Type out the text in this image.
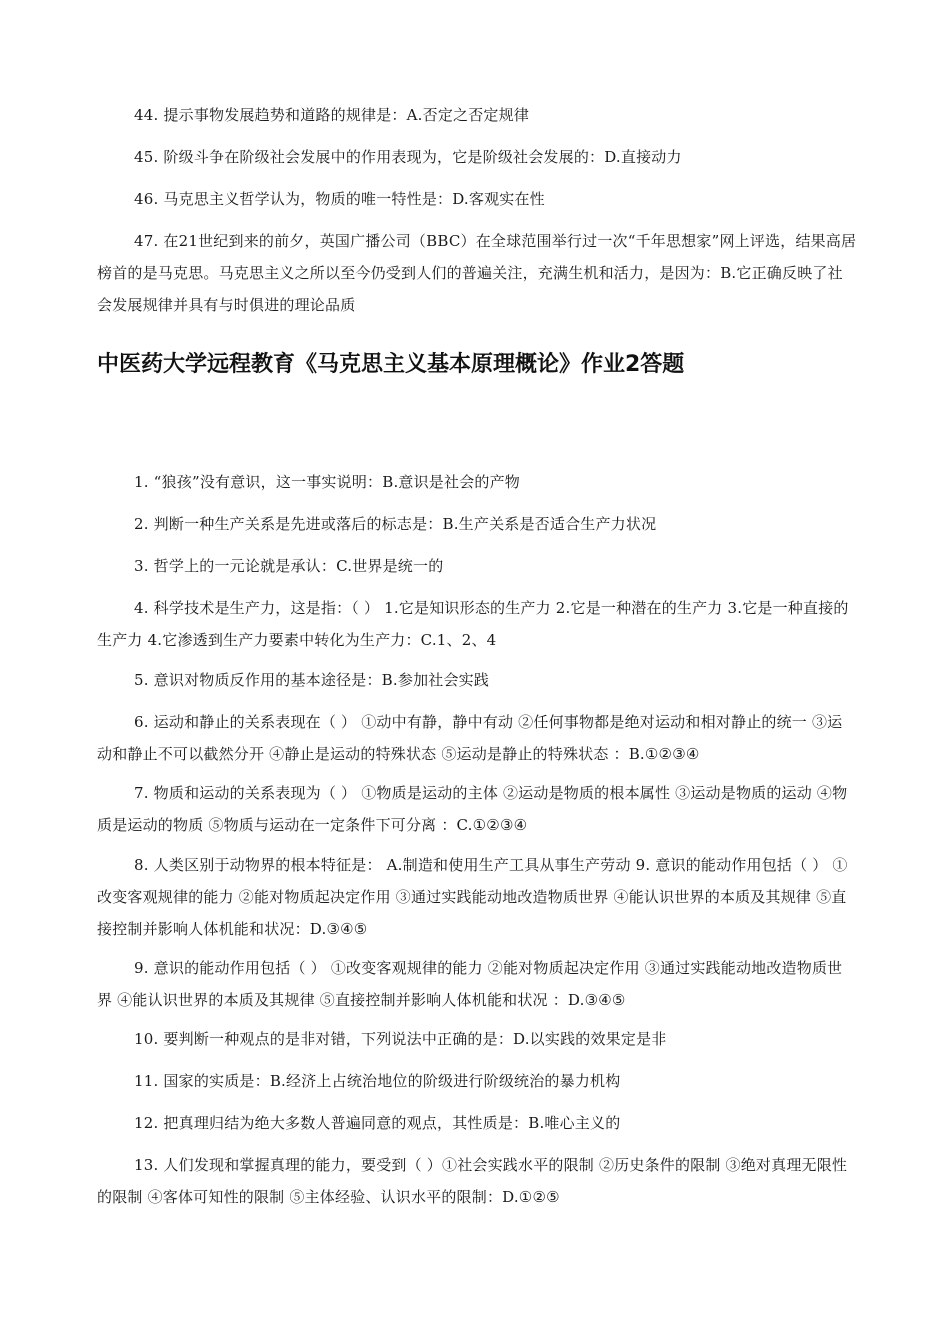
44. 提示事物发展趋势和道路的规律是：A.否定之否定规律

45. 阶级斗争在阶级社会发展中的作用表现为，它是阶级社会发展的：D.直接动力

46. 马克思主义哲学认为，物质的唯一特性是：D.客观实在性

47. 在21世纪到来的前夕，英国广播公司（BBC）在全球范围举行过一次“千年思想家”网上评选，结果高居榜首的是马克思。马克思主义之所以至今仍受到人们的普遍关注，充满生机和活力，是因为：B.它正确反映了社会发展规律并具有与时俱进的理论品质

中医药大学远程教育《马克思主义基本原理概论》作业2答题

1. “狼孩”没有意识，这一事实说明：B.意识是社会的产物

2. 判断一种生产关系是先进或落后的标志是：B.生产关系是否适合生产力状况

3. 哲学上的一元论就是承认：C.世界是统一的

4. 科学技术是生产力，这是指：（ ） 1.它是知识形态的生产力 2.它是一种潜在的生产力 3.它是一种直接的生产力 4.它渗透到生产力要素中转化为生产力：C.1、2、4

5. 意识对物质反作用的基本途径是：B.参加社会实践

6. 运动和静止的关系表现在（ ） ①动中有静，静中有动 ②任何事物都是绝对运动和相对静止的统一 ③运动和静止不可以截然分开 ④静止是运动的特殊状态 ⑤运动是静止的特殊状态 ：B.①②③④

7. 物质和运动的关系表现为（ ） ①物质是运动的主体 ②运动是物质的根本属性 ③运动是物质的运动 ④物质是运动的物质 ⑤物质与运动在一定条件下可分离 ：C.①②③④

8. 人类区别于动物界的根本特征是： A.制造和使用生产工具从事生产劳动 9. 意识的能动作用包括（ ） ①改变客观规律的能力 ②能对物质起决定作用 ③通过实践能动地改造物质世界 ④能认识世界的本质及其规律 ⑤直接控制并影响人体机能和状况：D.③④⑤

9. 意识的能动作用包括（ ） ①改变客观规律的能力 ②能对物质起决定作用 ③通过实践能动地改造物质世界 ④能认识世界的本质及其规律 ⑤直接控制并影响人体机能和状况 ：D.③④⑤

10. 要判断一种观点的是非对错，下列说法中正确的是：D.以实践的效果定是非

11. 国家的实质是：B.经济上占统治地位的阶级进行阶级统治的暴力机构

12. 把真理归结为绝大多数人普遍同意的观点，其性质是：B.唯心主义的

13. 人们发现和掌握真理的能力，要受到（ ）①社会实践水平的限制 ②历史条件的限制 ③绝对真理无限性的限制 ④客体可知性的限制 ⑤主体经验、认识水平的限制：D.①②⑤
